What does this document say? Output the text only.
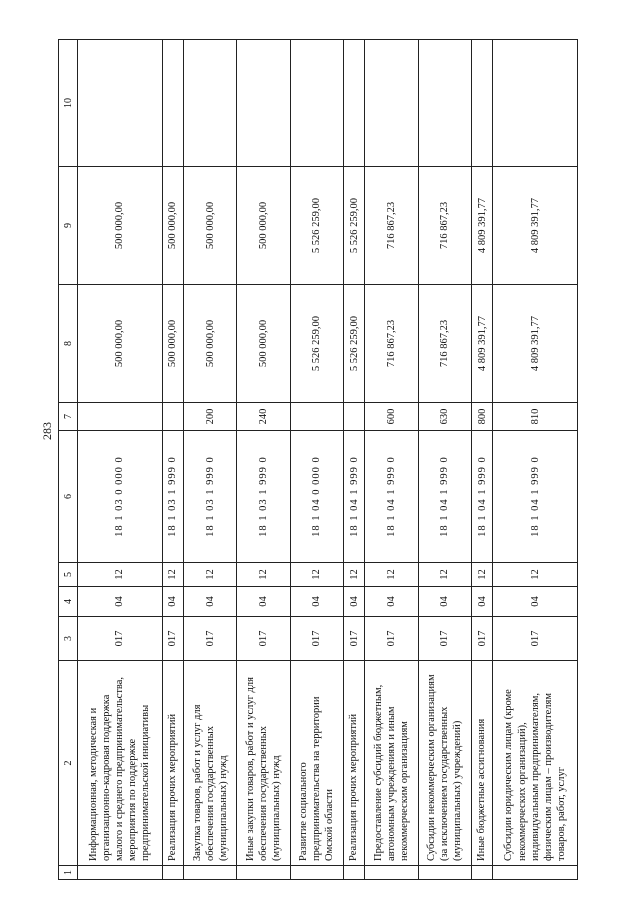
283
1	2	3	4	5	6	7	8	9	10
	Информационная, методическая и организационно-кадровая поддержка малого и среднего предпринимательства, мероприятия по поддержке предпринимательской инициативы	017	04	12	18 1 03 0 000 0		500 000,00	500 000,00	
	Реализация прочих мероприятий	017	04	12	18 1 03 1 999 0		500 000,00	500 000,00	
	Закупка товаров, работ и услуг для обеспечения государственных (муниципальных) нужд	017	04	12	18 1 03 1 999 0	200	500 000,00	500 000,00	
	Иные закупки товаров, работ и услуг для обеспечения государственных (муниципальных) нужд	017	04	12	18 1 03 1 999 0	240	500 000,00	500 000,00	
	Развитие социального предпринимательства на территории Омской области	017	04	12	18 1 04 0 000 0		5 526 259,00	5 526 259,00	
	Реализация прочих мероприятий	017	04	12	18 1 04 1 999 0		5 526 259,00	5 526 259,00	
	Предоставление субсидий бюджетным, автономным учреждениям и иным некоммерческим организациям	017	04	12	18 1 04 1 999 0	600	716 867,23	716 867,23	
	Субсидии некоммерческим организациям (за исключением государственных (муниципальных) учреждений)	017	04	12	18 1 04 1 999 0	630	716 867,23	716 867,23	
	Иные бюджетные ассигнования	017	04	12	18 1 04 1 999 0	800	4 809 391,77	4 809 391,77	
	Субсидии юридическим лицам (кроме некоммерческих организаций), индивидуальным предпринимателям, физическим лицам – производителям товаров, работ, услуг	017	04	12	18 1 04 1 999 0	810	4 809 391,77	4 809 391,77	
